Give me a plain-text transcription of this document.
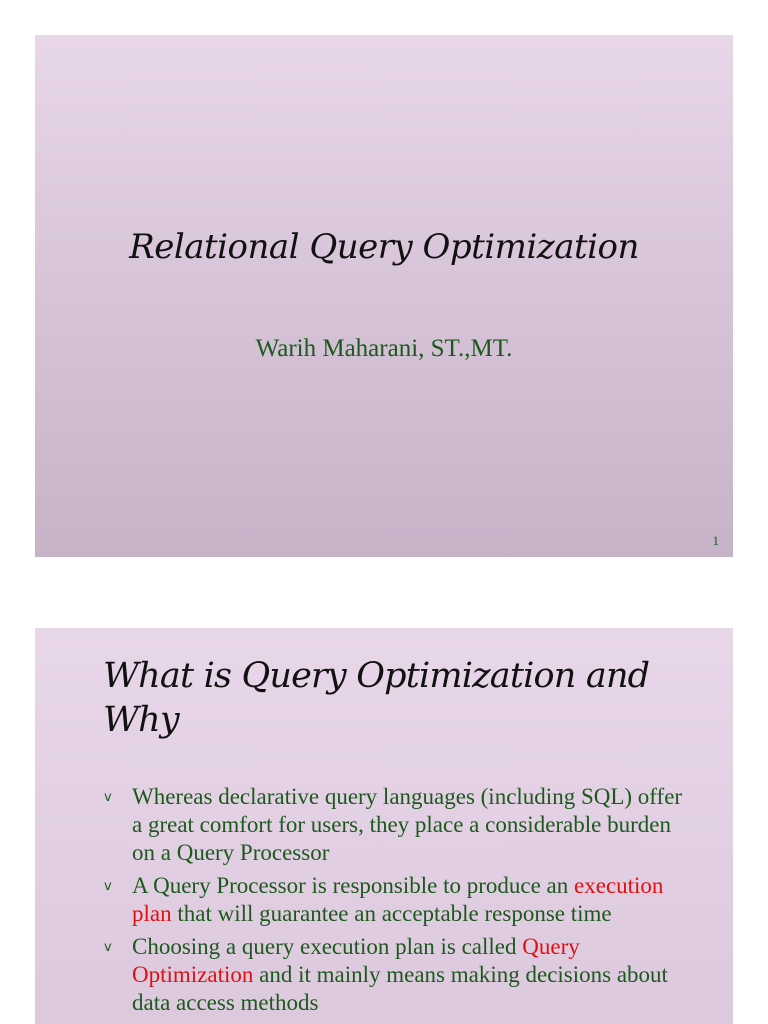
Relational Query Optimization
Warih Maharani, ST.,MT.
1
What is Query Optimization and Why
v Whereas declarative query languages (including SQL) offer a great comfort for users, they place a considerable burden on a Query Processor
v A Query Processor is responsible to produce an execution plan that will guarantee an acceptable response time
v Choosing a query execution plan is called Query Optimization and it mainly means making decisions about data access methods
